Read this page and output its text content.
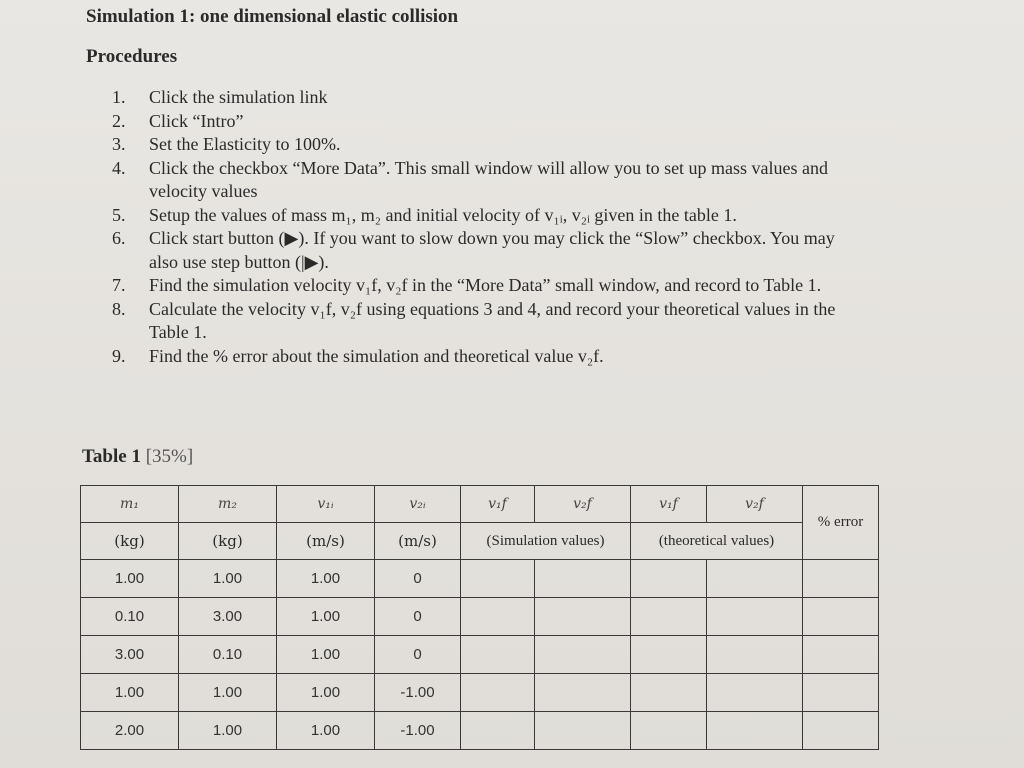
Simulation 1: one dimensional elastic collision
Procedures
1. Click the simulation link
2. Click “Intro”
3. Set the Elasticity to 100%.
4. Click the checkbox “More Data”. This small window will allow you to set up mass values and velocity values
5. Setup the values of mass m₁, m₂ and initial velocity of v₁ᵢ, v₂ᵢ given in the table 1.
6. Click start button (▶). If you want to slow down you may click the “Slow” checkbox. You may also use step button (|▶).
7. Find the simulation velocity v₁f, v₂f in the “More Data” small window, and record to Table 1.
8. Calculate the velocity v₁f, v₂f using equations 3 and 4, and record your theoretical values in the Table 1.
9. Find the % error about the simulation and theoretical value v₂f.
Table 1 [35%]
m₁	m₂	v₁ᵢ	v₂ᵢ	v₁f	v₂f	v₁f	v₂f	% error
(kg)	(kg)	(m/s)	(m/s)	(Simulation values)		(theoretical values)		
1.00	1.00	1.00	0					
0.10	3.00	1.00	0					
3.00	0.10	1.00	0					
1.00	1.00	1.00	-1.00					
2.00	1.00	1.00	-1.00					
